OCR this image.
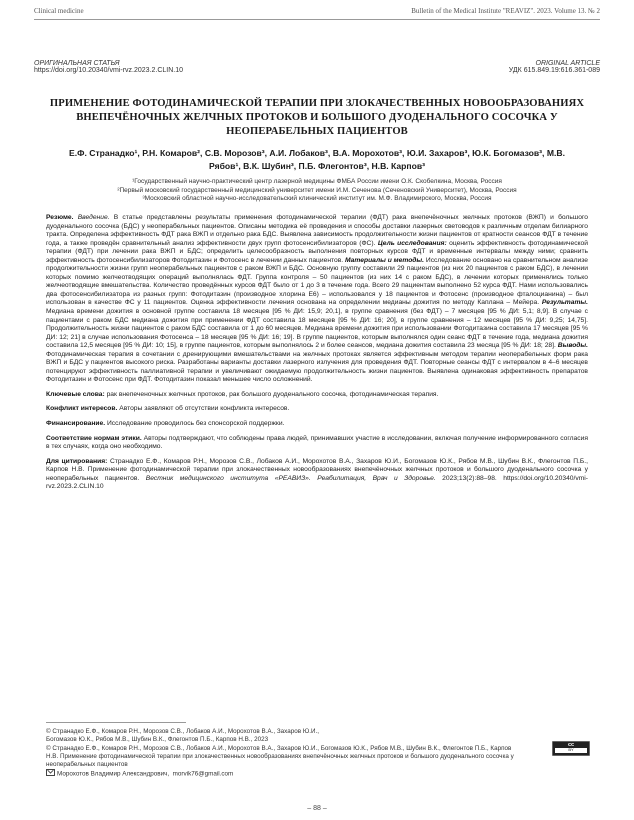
Clinical medicine	Bulletin of the Medical Institute "REAVIZ". 2023. Volume 13. № 2
ОРИГИНАЛЬНАЯ СТАТЬЯ
https://doi.org/10.20340/vmi-rvz.2023.2.CLIN.10
ORIGINAL ARTICLE
УДК 615.849.19:616.361-089
ПРИМЕНЕНИЕ ФОТОДИНАМИЧЕСКОЙ ТЕРАПИИ ПРИ ЗЛОКАЧЕСТВЕННЫХ НОВООБРАЗОВАНИЯХ ВНЕПЕЧЁНОЧНЫХ ЖЕЛЧНЫХ ПРОТОКОВ И БОЛЬШОГО ДУОДЕНАЛЬНОГО СОСОЧКА У НЕОПЕРАБЕЛЬНЫХ ПАЦИЕНТОВ
Е.Ф. Странадко¹, Р.Н. Комаров², С.В. Морозов³, А.И. Лобаков³, В.А. Морохотов³, Ю.И. Захаров³, Ю.К. Богомазов³, М.В. Рябов¹, В.К. Шубин³, П.Б. Флегонтов³, Н.В. Карпов³
¹Государственный научно-практический центр лазерной медицины ФМБА России имени О.К. Скобелкина, Москва, Россия
²Первый московский государственный медицинский университет имени И.М. Сеченова (Сеченовский Университет), Москва, Россия
³Московский областной научно-исследовательский клинический институт им. М.Ф. Владимирского, Москва, Россия

Резюме. Введение. В статье представлены результаты применения фотодинамической терапии (ФДТ) рака внепечёночных желчных протоков (ВЖП) и большого дуоденального сосочка (БДС) у неоперабельных пациентов. Описаны методика её проведения и способы доставки лазерных световодов к различным отделам билиарного тракта. Определена эффективность ФДТ рака ВЖП и отдельно рака БДС. Выявлена зависимость продолжительности жизни пациентов от кратности сеансов ФДТ в течение года, а также проведён сравнительный анализ эффективности двух групп фотосенсибилизаторов (ФС). Цель исследования: оценить эффективность фотодинамической терапии (ФДТ) при лечении рака ВЖП и БДС; определить целесообразность выполнения повторных курсов ФДТ и временные интервалы между ними; сравнить эффективность фотосенсибилизаторов Фотодитазин и Фотосенс в лечении данных пациентов. Материалы и методы. Исследование основано на сравнительном анализе продолжительности жизни групп неоперабельных пациентов с раком ВЖП и БДС. Основную группу составили 29 пациентов (из них 20 пациентов с раком БДС), в лечении которых помимо желчеотводящих операций выполнялась ФДТ. Группа контроля – 50 пациентов (из них 14 с раком БДС), в лечении которых применялись только желчеотводящие вмешательства. Количество проведённых курсов ФДТ было от 1 до 3 в течение года. Всего 29 пациентам выполнено 52 курса ФДТ. Нами использовались два фотосенсибилизатора из разных групп: Фотодитазин (производное хлорина Е6) – использовался у 18 пациентов и Фотосенс (производное фталоцианина) – был использован в качестве ФС у 11 пациентов. Оценка эффективности лечения основана на определении медианы дожития по методу Каплана – Мейера. Результаты. Медиана времени дожития в основной группе составила 18 месяцев [95 % ДИ: 15,9; 20,1], в группе сравнения (без ФДТ) – 7 месяцев [95 % ДИ: 5,1; 8,9]. В случае с пациентами с раком БДС медиана дожития при применении ФДТ составила 18 месяцев [95 % ДИ: 16; 20], в группе сравнения – 12 месяцев [95 % ДИ: 9,25; 14,75]. Продолжительность жизни пациентов с раком БДС составила от 1 до 60 месяцев. Медиана времени дожития при использовании Фотодитазина составила 17 месяцев [95 % ДИ: 12; 21] в случае использования Фотосенса – 18 месяцев [95 % ДИ: 16; 19]. В группе пациентов, которым выполнялся один сеанс ФДТ в течение года, медиана дожития составила 12,5 месяцев [95 % ДИ: 10; 15], в группе пациентов, которым выполнялось 2 и более сеансов, медиана дожития составила 23 месяца [95 % ДИ: 18; 28]. Выводы. Фотодинамическая терапия в сочетании с дренирующими вмешательствами на желчных протоках является эффективным методом терапии неоперабельных форм рака ВЖП и БДС у пациентов высокого риска. Разработаны варианты доставки лазерного излучения для проведения ФДТ. Повторные сеансы ФДТ с интервалом в 4–6 месяцев потенцируют эффективность паллиативной терапии и увеличивают ожидаемую продолжительность жизни пациентов. Выявлена одинаковая эффективность препаратов Фотодитазин и Фотосенс при ФДТ. Фотодитазин показал меньшее число осложнений.

Ключевые слова: рак внепеченочных желчных протоков, рак большого дуоденального сосочка, фотодинамическая терапия.

Конфликт интересов. Авторы заявляют об отсутствии конфликта интересов.

Финансирование. Исследование проводилось без спонсорской поддержки.

Соответствие нормам этики. Авторы подтверждают, что соблюдены права людей, принимавших участие в исследовании, включая получение информированного согласия в тех случаях, когда оно необходимо.

Для цитирования: Странадко Е.Ф., Комаров Р.Н., Морозов С.В., Лобаков А.И., Морохотов В.А., Захаров Ю.И., Богомазов Ю.К., Рябов М.В., Шубин В.К., Флегонтов П.Б., Карпов Н.В. Применение фотодинамической терапии при злокачественных новообразованиях внепечёночных желчных протоков и большого дуоденального сосочка у неоперабельных пациентов. Вестник медицинского института «РЕАВИЗ». Реабилитация, Врач и Здоровье. 2023;13(2):88–98. https://doi.org/10.20340/vmi-rvz.2023.2.CLIN.10

© Странадко Е.Ф., Комаров Р.Н., Морозов С.В., Лобаков А.И., Морохотов В.А., Захаров Ю.И.,
Богомазов Ю.К., Рябов М.В., Шубин В.К., Флегонтов П.Б., Карпов Н.В., 2023
© Странадко Е.Ф., Комаров Р.Н., Морозов С.В., Лобаков А.И., Морохотов В.А., Захаров Ю.И., Богомазов Ю.К., Рябов М.В., Шубин В.К., Флегонтов П.Б., Карпов Н.В. Применение фотодинамической терапии при злокачественных новообразованиях внепечёночных желчных протоков и большого дуоденального сосочка у неоперабельных пациентов
Морохотов Владимир Александрович, morvik76@gmail.com
cc
BY
– 88 –
